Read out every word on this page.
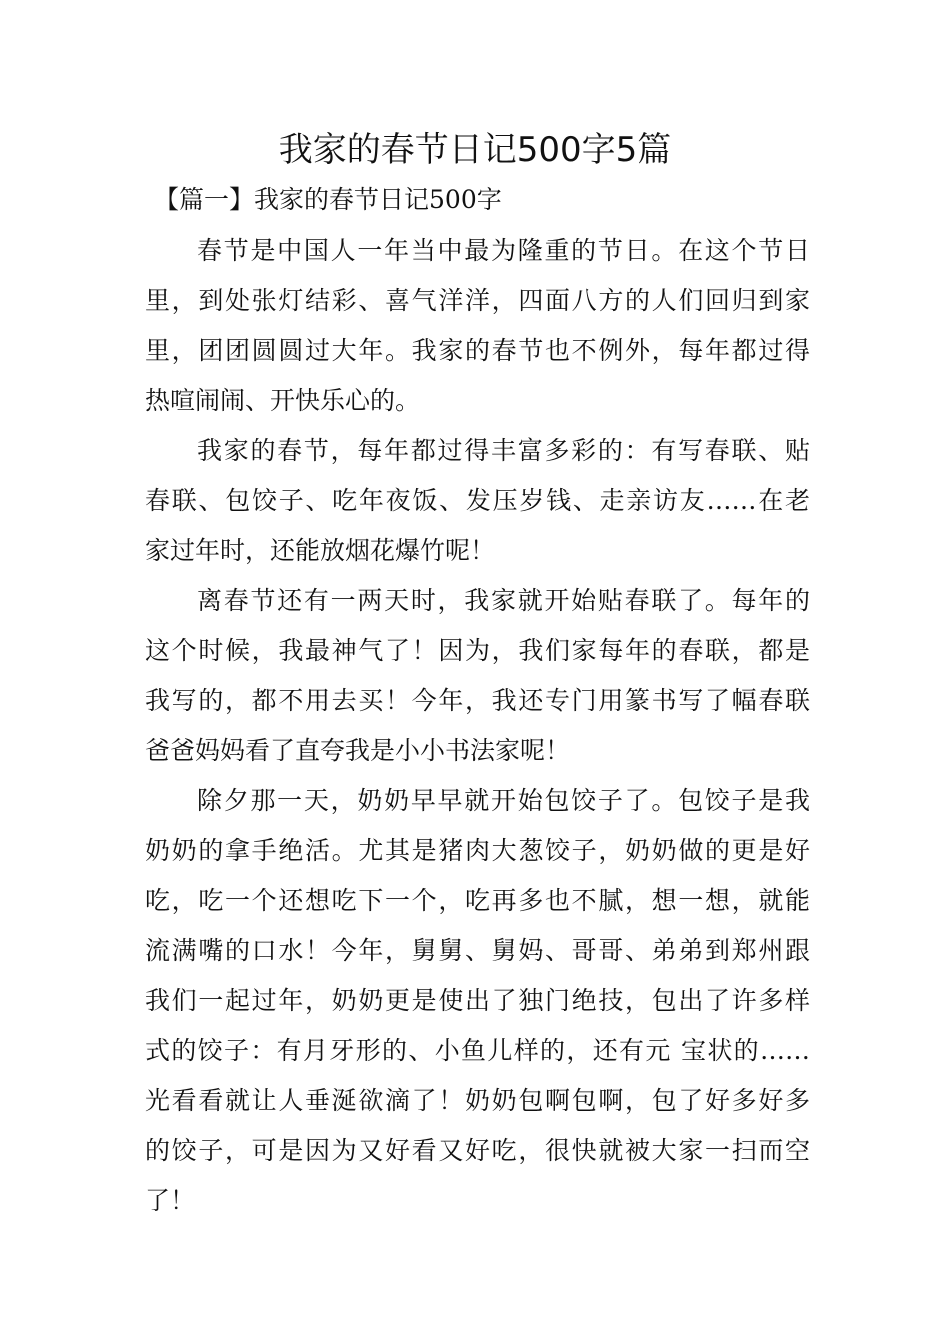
我家的春节日记500字5篇
【篇一】我家的春节日记500字
春节是中国人一年当中最为隆重的节日。在这个节日
里，到处张灯结彩、喜气洋洋，四面八方的人们回归到家
里，团团圆圆过大年。我家的春节也不例外，每年都过得
热喧闹闹、开快乐心的。
我家的春节，每年都过得丰富多彩的：有写春联、贴
春联、包饺子、吃年夜饭、发压岁钱、走亲访友……在老
家过年时，还能放烟花爆竹呢！
离春节还有一两天时，我家就开始贴春联了。每年的
这个时候，我最神气了！因为，我们家每年的春联，都是
我写的，都不用去买！今年，我还专门用篆书写了幅春联
爸爸妈妈看了直夸我是小小书法家呢！
除夕那一天，奶奶早早就开始包饺子了。包饺子是我
奶奶的拿手绝活。尤其是猪肉大葱饺子，奶奶做的更是好
吃，吃一个还想吃下一个，吃再多也不腻，想一想，就能
流满嘴的口水！今年，舅舅、舅妈、哥哥、弟弟到郑州跟
我们一起过年，奶奶更是使出了独门绝技，包出了许多样
式的饺子：有月牙形的、小鱼儿样的，还有元 宝状的……
光看看就让人垂涎欲滴了！奶奶包啊包啊，包了好多好多
的饺子，可是因为又好看又好吃，很快就被大家一扫而空
了！
